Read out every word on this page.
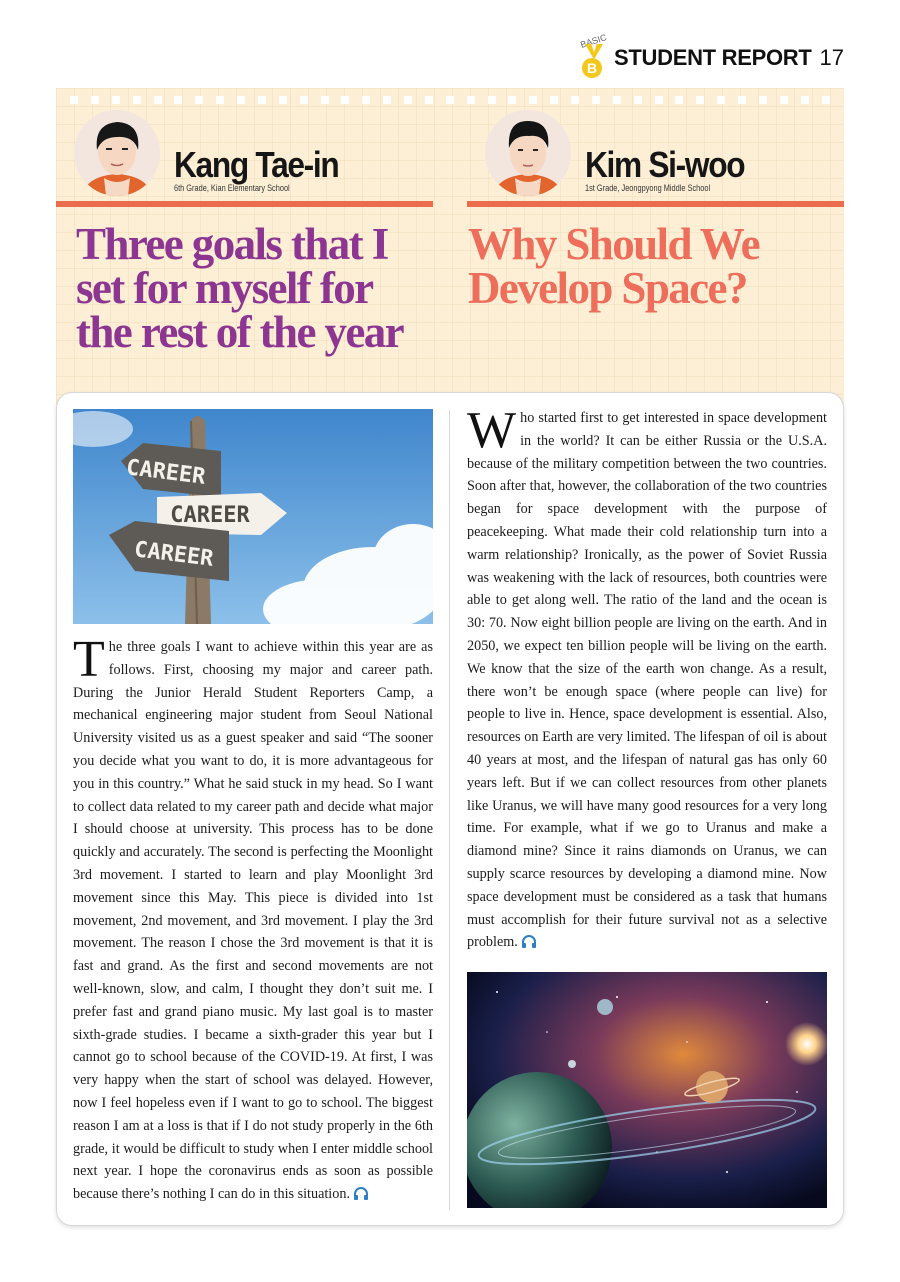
BASIC
B STUDENT REPORT 17
Kang Tae-in
6th Grade, Kian Elementary School
Kim Si-woo
1st Grade, Jeongpyong Middle School
Three goals that I set for myself for the rest of the year
Why Should We Develop Space?
CAREER
CAREER
CAREER
The three goals I want to achieve within this year are as follows. First, choosing my major and career path. During the Junior Herald Student Reporters Camp, a mechanical engineering major student from Seoul National University visited us as a guest speaker and said “The sooner you decide what you want to do, it is more advantageous for you in this country.” What he said stuck in my head. So I want to collect data related to my career path and decide what major I should choose at university. This process has to be done quickly and accurately. The second is perfecting the Moonlight 3rd movement. I started to learn and play Moonlight 3rd movement since this May. This piece is divided into 1st movement, 2nd movement, and 3rd movement. I play the 3rd movement. The reason I chose the 3rd movement is that it is fast and grand. As the first and second movements are not well-known, slow, and calm, I thought they don’t suit me. I prefer fast and grand piano music. My last goal is to master sixth-grade studies. I became a sixth-grader this year but I cannot go to school because of the COVID-19. At first, I was very happy when the start of school was delayed. However, now I feel hopeless even if I want to go to school. The biggest reason I am at a loss is that if I do not study properly in the 6th grade, it would be difficult to study when I enter middle school next year. I hope the coronavirus ends as soon as possible because there’s nothing I can do in this situation.
Who started first to get interested in space development in the world? It can be either Russia or the U.S.A. because of the military competition between the two countries. Soon after that, however, the collaboration of the two countries began for space development with the purpose of peacekeeping. What made their cold relationship turn into a warm relationship? Ironically, as the power of Soviet Russia was weakening with the lack of resources, both countries were able to get along well. The ratio of the land and the ocean is 30: 70. Now eight billion people are living on the earth. And in 2050, we expect ten billion people will be living on the earth. We know that the size of the earth won change. As a result, there won’t be enough space (where people can live) for people to live in. Hence, space development is essential. Also, resources on Earth are very limited. The lifespan of oil is about 40 years at most, and the lifespan of natural gas has only 60 years left. But if we can collect resources from other planets like Uranus, we will have many good resources for a very long time. For example, what if we go to Uranus and make a diamond mine? Since it rains diamonds on Uranus, we can supply scarce resources by developing a diamond mine. Now space development must be considered as a task that humans must accomplish for their future survival not as a selective problem.
